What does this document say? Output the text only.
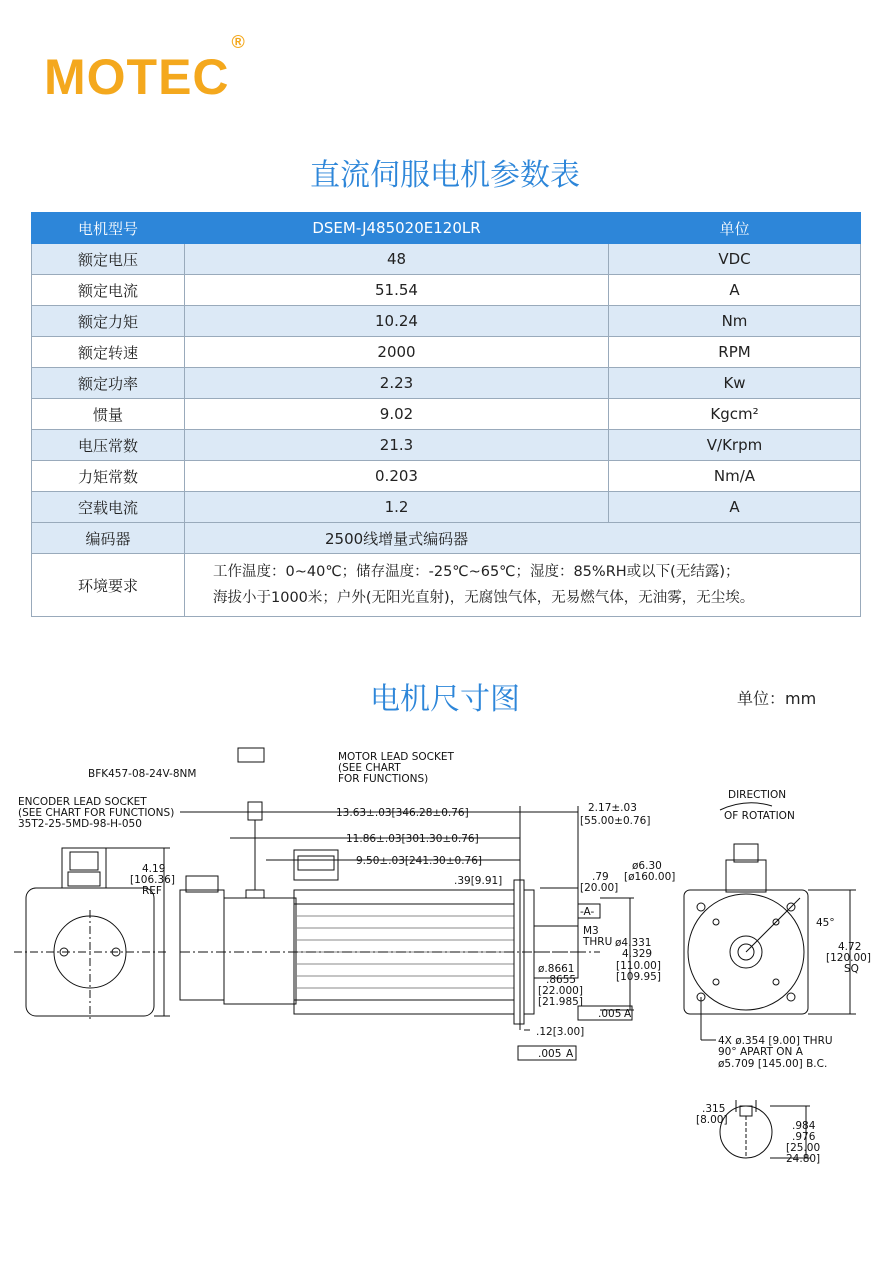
MOTEC®
直流伺服电机参数表
电机型号	DSEM-J485020E120LR	单位
额定电压	48	VDC
额定电流	51.54	A
额定力矩	10.24	Nm
额定转速	2000	RPM
额定功率	2.23	Kw
惯量	9.02	Kgcm²
电压常数	21.3	V/Krpm
力矩常数	0.203	Nm/A
空载电流	1.2	A
编码器	2500线增量式编码器	
环境要求	工作温度：0~40℃；储存温度：-25℃~65℃；湿度：85%RH或以下(无结露)；
海拔小于1000米；户外(无阳光直射)，无腐蚀气体，无易燃气体，无油雾，无尘埃。	
电机尺寸图	单位：mm
BFK457-08-24V-8NM
MOTOR LEAD SOCKET
(SEE CHART
FOR FUNCTIONS)
ENCODER LEAD SOCKET
(SEE CHART FOR FUNCTIONS)
35T2-25-5MD-98-H-050
4.19
[106.36]
REF
13.63±.03[346.28±0.76]
11.86±.03[301.30±0.76]
9.50±.03[241.30±0.76]
.39[9.91]
2.17±.03
[55.00±0.76]
.79
[20.00]
-A-
M3
THRU ø4.331
4.329
[110.00]
[109.95]
ø.8661
.8655
[22.000]
[21.985]
.005 A
.12[3.00]
.005 A
DIRECTION
OF ROTATION
ø6.30
[ø160.00]
45°
4.72
[120.00]
SQ
4X ø.354 [9.00] THRU
90° APART ON A
ø5.709 [145.00] B.C.
.315
[8.00]	.984
.976
[25.00
24.80]
